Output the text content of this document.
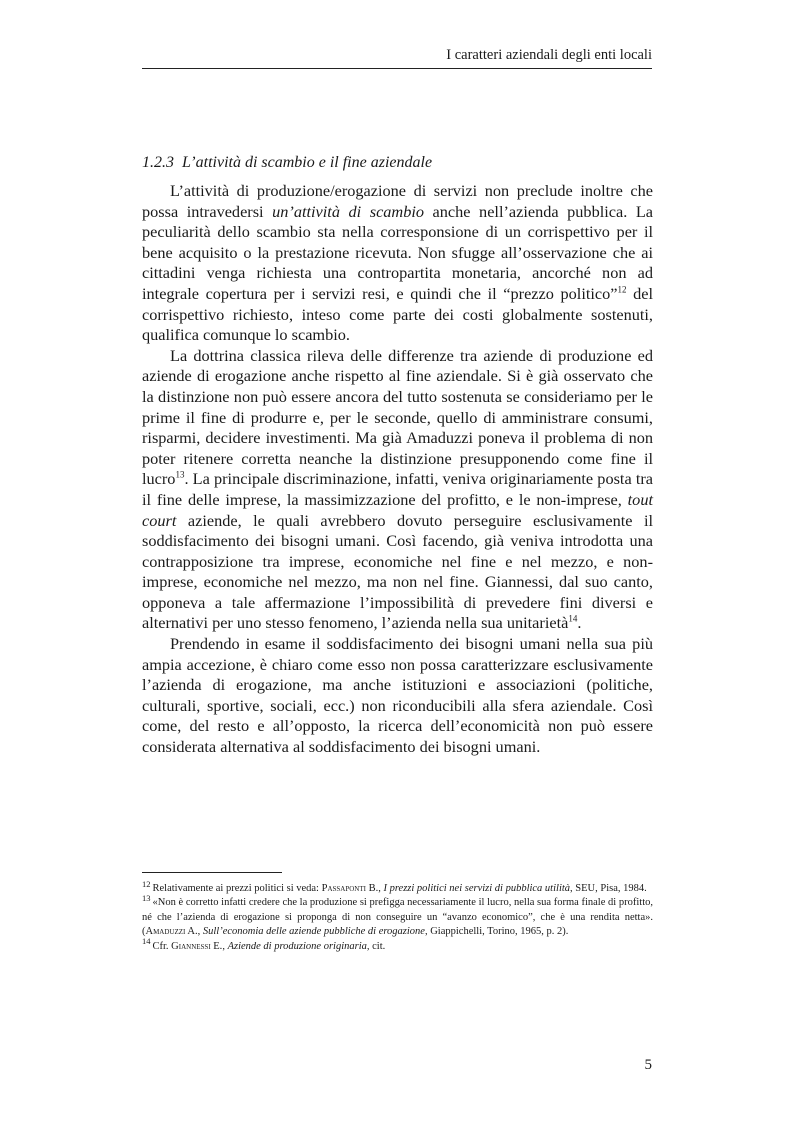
I caratteri aziendali degli enti locali
1.2.3 L’attività di scambio e il fine aziendale

L’attività di produzione/erogazione di servizi non preclude inoltre che possa intravedersi un’attività di scambio anche nell’azienda pubblica. La peculiarità dello scambio sta nella corresponsione di un corrispettivo per il bene acquisito o la prestazione ricevuta. Non sfugge all’osservazione che ai cittadini venga richiesta una contropartita monetaria, ancorché non ad integrale copertura per i servizi resi, e quindi che il “prezzo politico”$^{12}$ del corrispettivo richiesto, inteso come parte dei costi globalmente sostenuti, qualifica comunque lo scambio.

La dottrina classica rileva delle differenze tra aziende di produzione ed aziende di erogazione anche rispetto al fine aziendale. Si è già osservato che la distinzione non può essere ancora del tutto sostenuta se consideriamo per le prime il fine di produrre e, per le seconde, quello di amministrare consumi, risparmi, decidere investimenti. Ma già Amaduzzi poneva il problema di non poter ritenere corretta neanche la distinzione presupponendo come fine il lucro$^{13}$. La principale discriminazione, infatti, veniva originariamente posta tra il fine delle imprese, la massimizzazione del profitto, e le non-imprese, tout court aziende, le quali avrebbero dovuto perseguire esclusivamente il soddisfacimento dei bisogni umani. Così facendo, già veniva introdotta una contrapposizione tra imprese, economiche nel fine e nel mezzo, e non-imprese, economiche nel mezzo, ma non nel fine. Giannessi, dal suo canto, opponeva a tale affermazione l’impossibilità di prevedere fini diversi e alternativi per uno stesso fenomeno, l’azienda nella sua unitarietà$^{14}$.

Prendendo in esame il soddisfacimento dei bisogni umani nella sua più ampia accezione, è chiaro come esso non possa caratterizzare esclusivamente l’azienda di erogazione, ma anche istituzioni e associazioni (politiche, culturali, sportive, sociali, ecc.) non riconducibili alla sfera aziendale. Così come, del resto e all’opposto, la ricerca dell’economicità non può essere considerata alternativa al soddisfacimento dei bisogni umani.

$^{12}$ Relativamente ai prezzi politici si veda: Passaponti B., I prezzi politici nei servizi di pubblica utilità, SEU, Pisa, 1984.

$^{13}$ «Non è corretto infatti credere che la produzione si prefigga necessariamente il lucro, nella sua forma finale di profitto, né che l’azienda di erogazione si proponga di non conseguire un “avanzo economico”, che è una rendita netta». (Amaduzzi A., Sull’economia delle aziende pubbliche di erogazione, Giappichelli, Torino, 1965, p. 2).

$^{14}$ Cfr. Giannessi E., Aziende di produzione originaria, cit.

5
